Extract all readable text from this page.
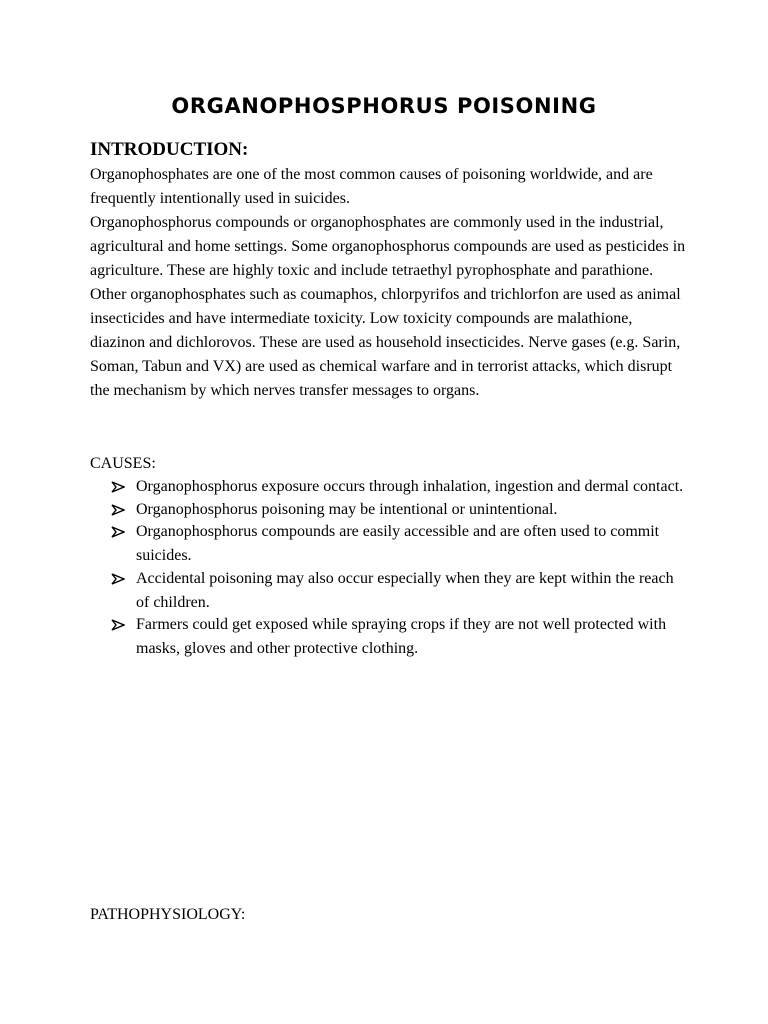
ORGANOPHOSPHORUS POISONING
INTRODUCTION:

Organophosphates are one of the most common causes of poisoning worldwide, and are frequently intentionally used in suicides.

Organophosphorus compounds or organophosphates are commonly used in the industrial, agricultural and home settings. Some organophosphorus compounds are used as pesticides in agriculture. These are highly toxic and include tetraethyl pyrophosphate and parathione. Other organophosphates such as coumaphos, chlorpyrifos and trichlorfon are used as animal insecticides and have intermediate toxicity. Low toxicity compounds are malathione, diazinon and dichlorovos. These are used as household insecticides. Nerve gases (e.g. Sarin, Soman, Tabun and VX) are used as chemical warfare and in terrorist attacks, which disrupt the mechanism by which nerves transfer messages to organs.

CAUSES:

Organophosphorus exposure occurs through inhalation, ingestion and dermal contact.
Organophosphorus poisoning may be intentional or unintentional.
Organophosphorus compounds are easily accessible and are often used to commit suicides.
Accidental poisoning may also occur especially when they are kept within the reach of children.
Farmers could get exposed while spraying crops if they are not well protected with masks, gloves and other protective clothing.

PATHOPHYSIOLOGY:
